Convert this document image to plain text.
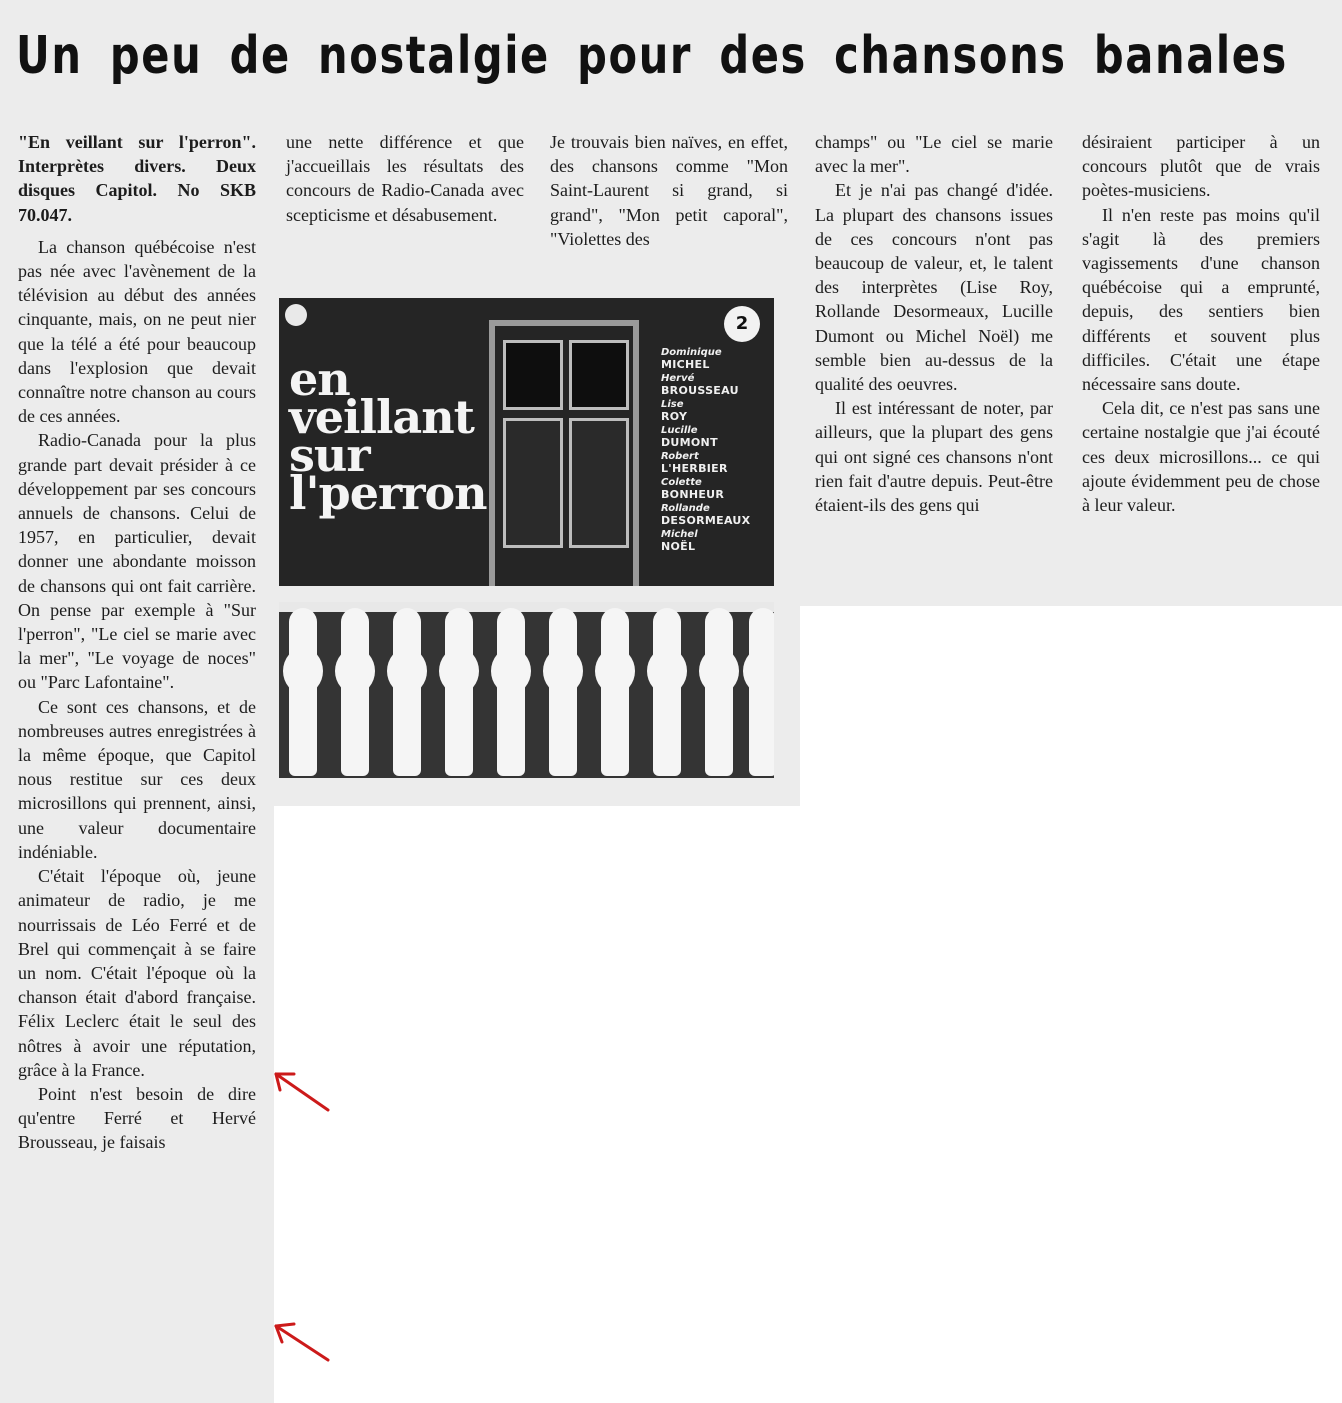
Un peu de nostalgie pour des chansons banales

"En veillant sur l'perron". Interprètes divers. Deux disques Capitol. No SKB 70.047.

La chanson québécoise n'est pas née avec l'avènement de la télévision au début des années cinquante, mais, on ne peut nier que la télé a été pour beaucoup dans l'explosion que devait connaître notre chanson au cours de ces années.

Radio-Canada pour la plus grande part devait présider à ce développement par ses concours annuels de chansons. Celui de 1957, en particulier, devait donner une abondante moisson de chansons qui ont fait carrière. On pense par exemple à "Sur l'perron", "Le ciel se marie avec la mer", "Le voyage de noces" ou "Parc Lafontaine".

Ce sont ces chansons, et de nombreuses autres enregistrées à la même époque, que Capitol nous restitue sur ces deux microsillons qui prennent, ainsi, une valeur documentaire indéniable.

C'était l'époque où, jeune animateur de radio, je me nourrissais de Léo Ferré et de Brel qui commençait à se faire un nom. C'était l'époque où la chanson était d'abord française. Félix Leclerc était le seul des nôtres à avoir une réputation, grâce à la France.

Point n'est besoin de dire qu'entre Ferré et Hervé Brousseau, je faisais

une nette différence et que j'accueillais les résultats des concours de Radio-Canada avec scepticisme et désabusement.

Je trouvais bien naïves, en effet, des chansons comme "Mon Saint-Laurent si grand, si grand", "Mon petit caporal", "Violettes des

champs" ou "Le ciel se marie avec la mer".

Et je n'ai pas changé d'idée. La plupart des chansons issues de ces concours n'ont pas beaucoup de valeur, et, le talent des interprètes (Lise Roy, Rollande Desormeaux, Lucille Dumont ou Michel Noël) me semble bien au-dessus de la qualité des oeuvres.

Il est intéressant de noter, par ailleurs, que la plupart des gens qui ont signé ces chansons n'ont rien fait d'autre depuis. Peut-être étaient-ils des gens qui

désiraient participer à un concours plutôt que de vrais poètes-musiciens.

Il n'en reste pas moins qu'il s'agit là des premiers vagissements d'une chanson québécoise qui a emprunté, depuis, des sentiers bien différents et souvent plus difficiles. C'était une étape nécessaire sans doute.

Cela dit, ce n'est pas sans une certaine nostalgie que j'ai écouté ces deux microsillons... ce qui ajoute évidemment peu de chose à leur valeur.

2
en
veillant
sur
l'perron
Dominique
MICHEL
Hervé
BROUSSEAU
Lise
ROY
Lucille
DUMONT
Robert
L'HERBIER
Colette
BONHEUR
Rollande
DESORMEAUX
Michel
NOËL
